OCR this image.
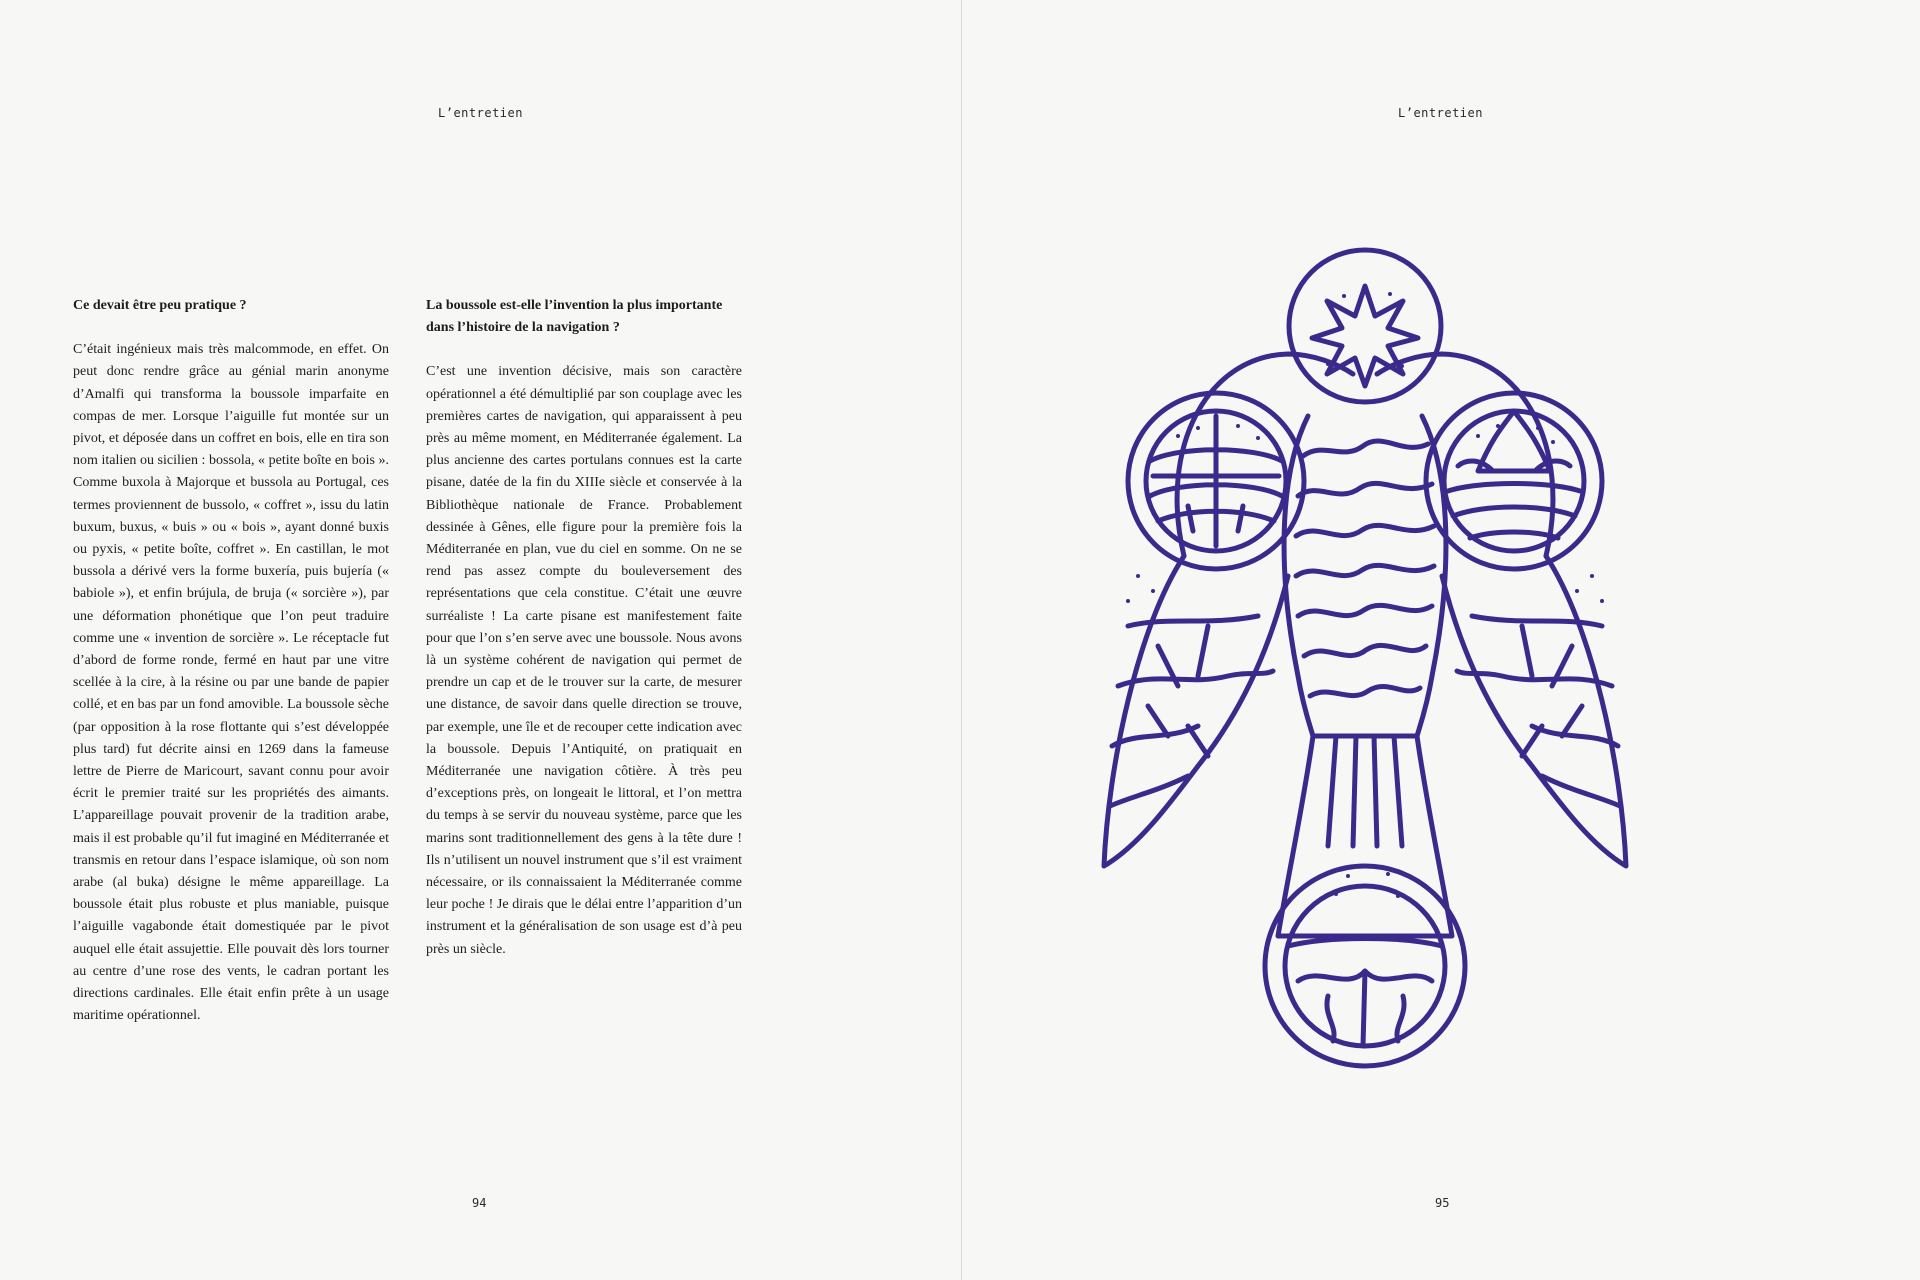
L’entretien
Ce devait être peu pratique ?

C’était ingénieux mais très malcommode, en effet. On peut donc rendre grâce au génial marin anonyme d’Amalfi qui transforma la boussole imparfaite en compas de mer. Lorsque l’aiguille fut montée sur un pivot, et déposée dans un coffret en bois, elle en tira son nom italien ou sicilien : bossola, « petite boîte en bois ». Comme buxola à Majorque et bussola au Portugal, ces termes proviennent de bussolo, « coffret », issu du latin buxum, buxus, « buis » ou « bois », ayant donné buxis ou pyxis, « petite boîte, coffret ». En castillan, le mot bussola a dérivé vers la forme buxería, puis bujería (« babiole »), et enfin brújula, de bruja (« sorcière »), par une déformation phonétique que l’on peut traduire comme une « invention de sorcière ». Le réceptacle fut d’abord de forme ronde, fermé en haut par une vitre scellée à la cire, à la résine ou par une bande de papier collé, et en bas par un fond amovible. La boussole sèche (par opposition à la rose flottante qui s’est développée plus tard) fut décrite ainsi en 1269 dans la fameuse lettre de Pierre de Maricourt, savant connu pour avoir écrit le premier traité sur les propriétés des aimants. L’appareillage pouvait provenir de la tradition arabe, mais il est probable qu’il fut imaginé en Méditerranée et transmis en retour dans l’espace islamique, où son nom arabe (al buka) désigne le même appareillage. La boussole était plus robuste et plus maniable, puisque l’aiguille vagabonde était domestiquée par le pivot auquel elle était assujettie. Elle pouvait dès lors tourner au centre d’une rose des vents, le cadran portant les directions cardinales. Elle était enfin prête à un usage maritime opérationnel.

La boussole est-elle l’invention la plus importante dans l’histoire de la navigation ?

C’est une invention décisive, mais son caractère opérationnel a été démultiplié par son couplage avec les premières cartes de navigation, qui apparaissent à peu près au même moment, en Méditerranée également. La plus ancienne des cartes portulans connues est la carte pisane, datée de la fin du XIIIe siècle et conservée à la Bibliothèque nationale de France. Probablement dessinée à Gênes, elle figure pour la première fois la Méditerranée en plan, vue du ciel en somme. On ne se rend pas assez compte du bouleversement des représentations que cela constitue. C’était une œuvre surréaliste ! La carte pisane est manifestement faite pour que l’on s’en serve avec une boussole. Nous avons là un système cohérent de navigation qui permet de prendre un cap et de le trouver sur la carte, de mesurer une distance, de savoir dans quelle direction se trouve, par exemple, une île et de recouper cette indication avec la boussole. Depuis l’Antiquité, on pratiquait en Méditerranée une navigation côtière. À très peu d’exceptions près, on longeait le littoral, et l’on mettra du temps à se servir du nouveau système, parce que les marins sont traditionnellement des gens à la tête dure ! Ils n’utilisent un nouvel instrument que s’il est vraiment nécessaire, or ils connaissaient la Méditerranée comme leur poche ! Je dirais que le délai entre l’apparition d’un instrument et la généralisation de son usage est d’à peu près un siècle.

94
L’entretien
95
